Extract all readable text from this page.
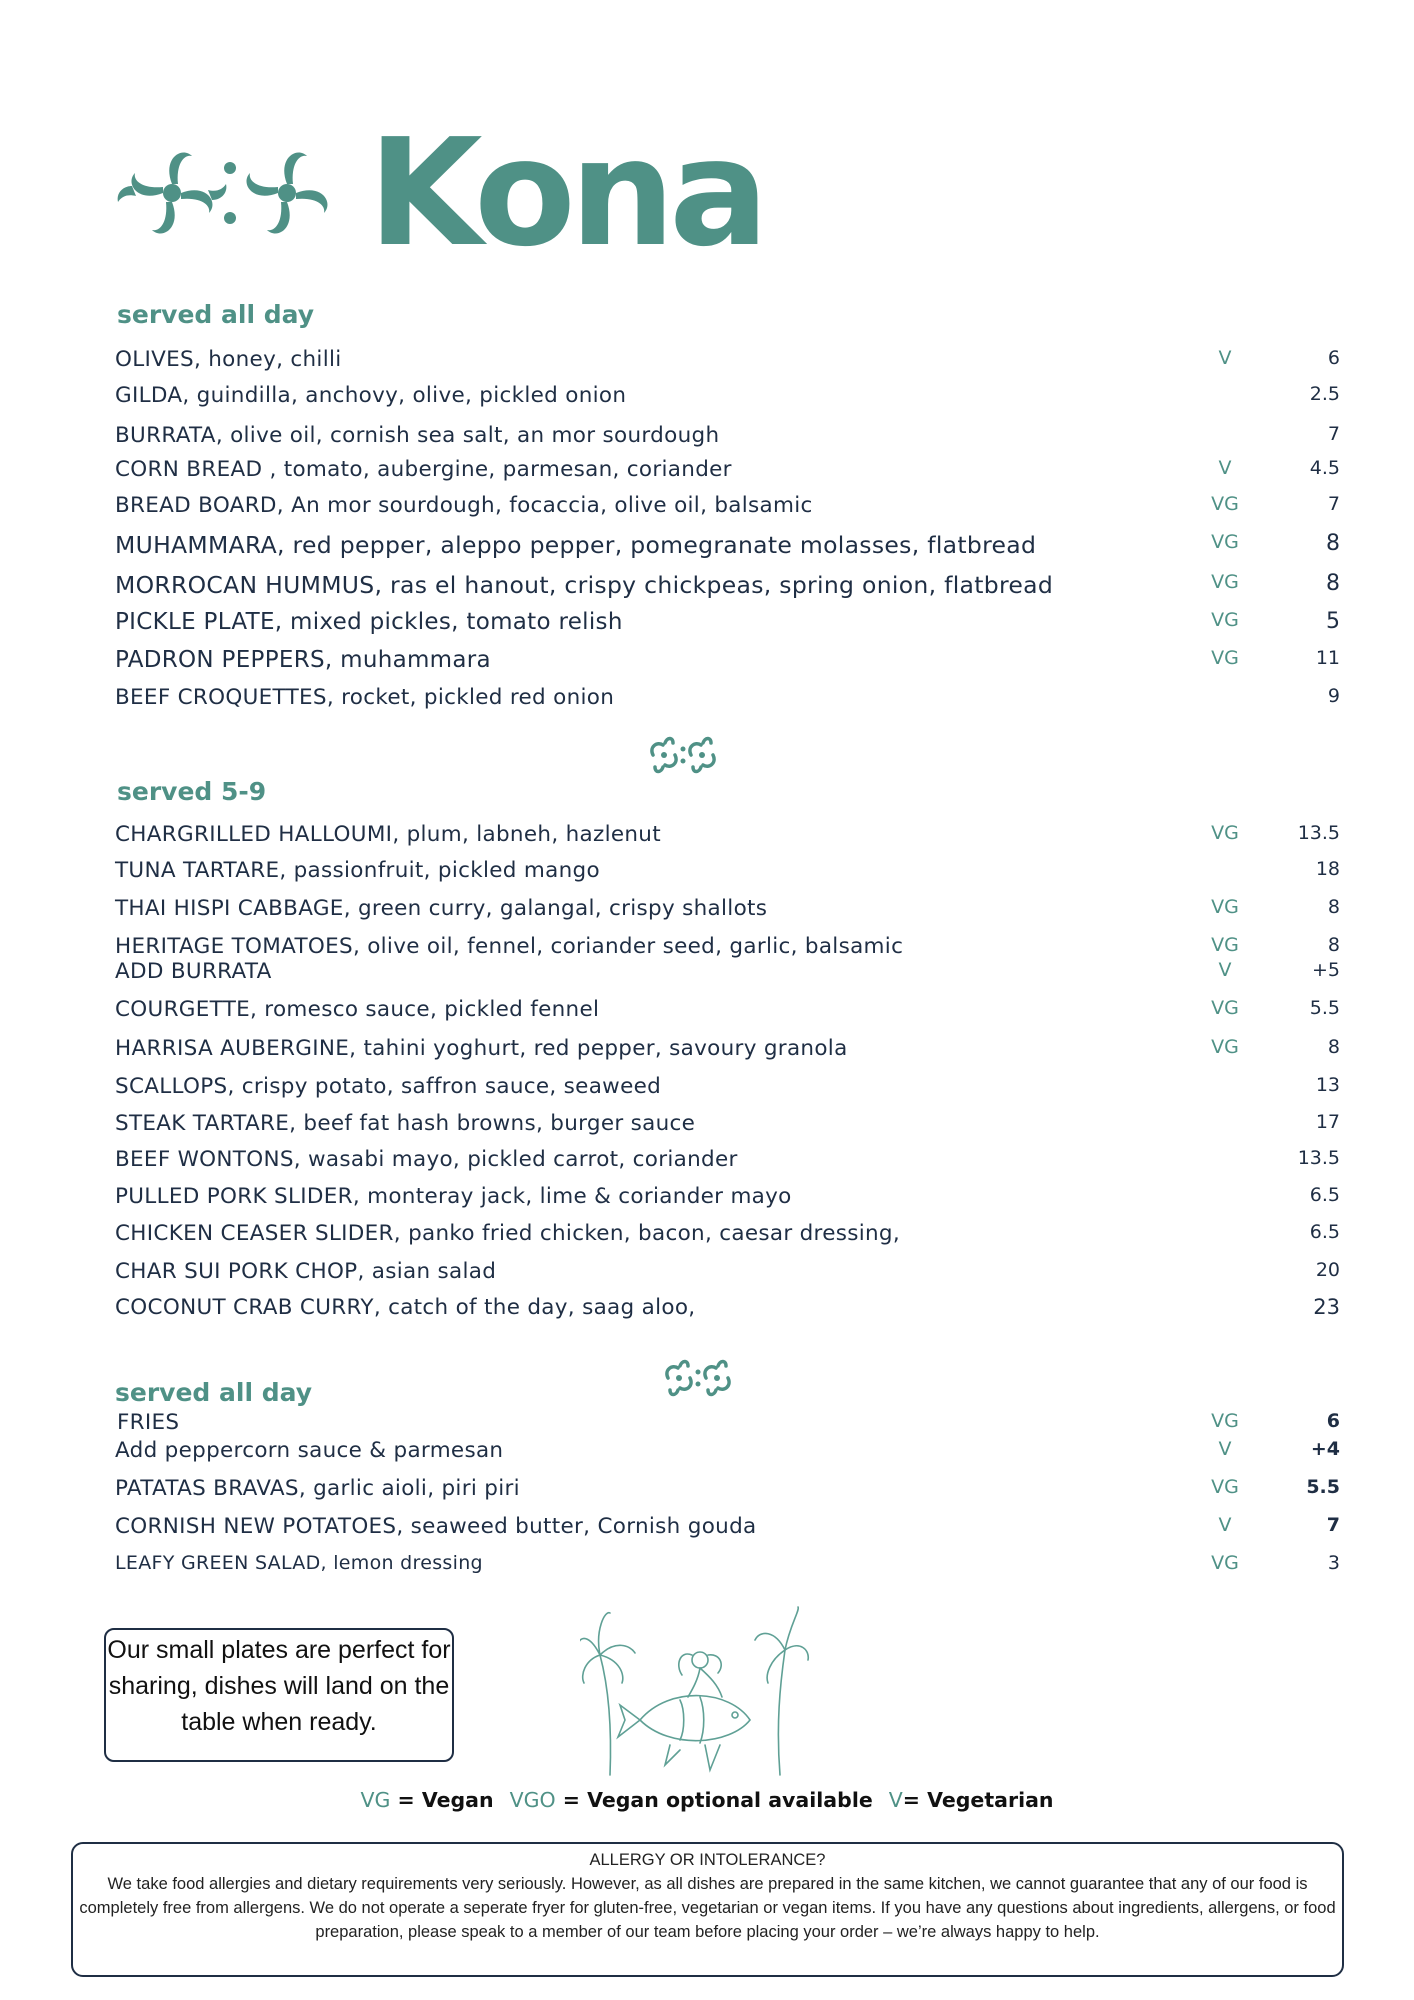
Kona
served all day
OLIVES, honey, chilli	V	6
GILDA, guindilla, anchovy, olive, pickled onion	2.5
BURRATA, olive oil, cornish sea salt, an mor sourdough	7
CORN BREAD , tomato, aubergine, parmesan, coriander	V	4.5
BREAD BOARD, An mor sourdough, focaccia, olive oil, balsamic	VG	7
MUHAMMARA, red pepper, aleppo pepper, pomegranate molasses, flatbread	VG	8
MORROCAN HUMMUS, ras el hanout, crispy chickpeas, spring onion, flatbread	VG	8
PICKLE PLATE, mixed pickles, tomato relish	VG	5
PADRON PEPPERS, muhammara	VG	11
BEEF CROQUETTES, rocket, pickled red onion	9
served 5-9
CHARGRILLED HALLOUMI, plum, labneh, hazlenut	VG	13.5
TUNA TARTARE, passionfruit, pickled mango	18
THAI HISPI CABBAGE, green curry, galangal, crispy shallots	VG	8
HERITAGE TOMATOES, olive oil, fennel, coriander seed, garlic, balsamic	VG	8
ADD BURRATA	V	+5
COURGETTE, romesco sauce, pickled fennel	VG	5.5
HARRISA AUBERGINE, tahini yoghurt, red pepper, savoury granola	VG	8
SCALLOPS, crispy potato, saffron sauce, seaweed	13
STEAK TARTARE, beef fat hash browns, burger sauce	17
BEEF WONTONS, wasabi mayo, pickled carrot, coriander	13.5
PULLED PORK SLIDER, monteray jack, lime & coriander mayo	6.5
CHICKEN CEASER SLIDER, panko fried chicken, bacon, caesar dressing,	6.5
CHAR SUI PORK CHOP, asian salad	20
COCONUT CRAB CURRY, catch of the day, saag aloo,	23
served all day
FRIES	VG	6
Add peppercorn sauce & parmesan	V	+4
PATATAS BRAVAS, garlic aioli, piri piri	VG	5.5
CORNISH NEW POTATOES, seaweed butter, Cornish gouda	V	7
LEAFY GREEN SALAD, lemon dressing	VG	3
Our small plates are perfect for sharing, dishes will land on the table when ready.
VG = Vegan VGO = Vegan optional available V= Vegetarian
ALLERGY OR INTOLERANCE?
We take food allergies and dietary requirements very seriously. However, as all dishes are prepared in the same kitchen, we cannot guarantee that any of our food is completely free from allergens. We do not operate a seperate fryer for gluten-free, vegetarian or vegan items. If you have any questions about ingredients, allergens, or food preparation, please speak to a member of our team before placing your order – we’re always happy to help.
